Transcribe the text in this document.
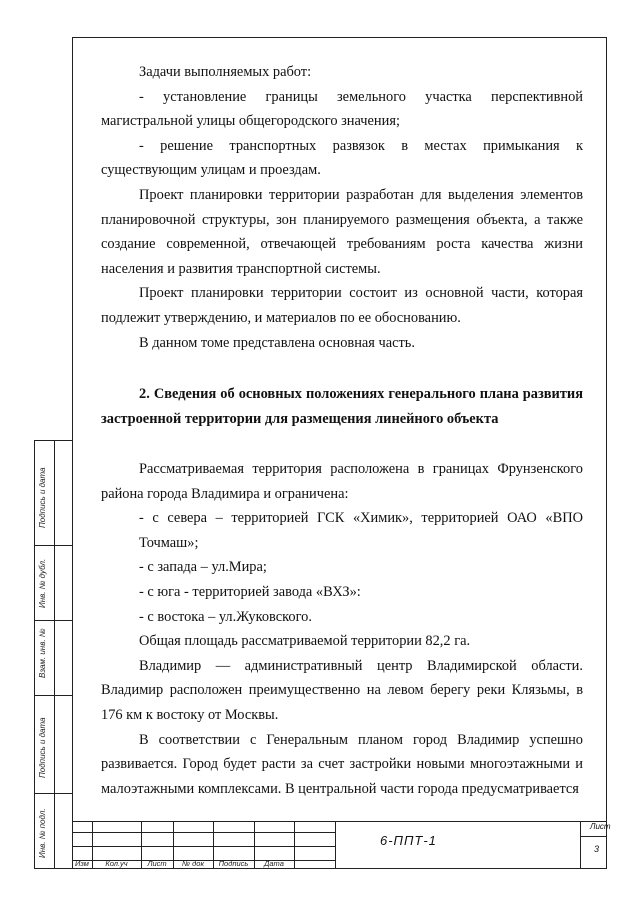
Задачи выполняемых работ:

- установление границы земельного участка перспективной магистральной улицы общегородского значения;

- решение транспортных развязок в местах примыкания к существующим улицам и проездам.

Проект планировки территории разработан для выделения элементов планировочной структуры, зон планируемого размещения объекта, а также создание современной, отвечающей требованиям роста качества жизни населения и развития транспортной системы.

Проект планировки территории состоит из основной части, которая подлежит утверждению, и материалов по ее обоснованию.

В данном томе представлена основная часть.

2. Сведения об основных положениях генерального плана развития застроенной территории для размещения линейного объекта

Рассматриваемая территория расположена в границах Фрунзенского района города Владимира и ограничена:

- с севера – территорией ГСК «Химик», территорией ОАО «ВПО Точмаш»;

- с запада – ул.Мира;

- с юга - территорией завода «ВХЗ»:

- с востока – ул.Жуковского.

Общая площадь рассматриваемой территории 82,2 га.

Владимир — административный центр Владимирской области. Владимир расположен преимущественно на левом берегу реки Клязьмы, в 176 км к востоку от Москвы.

В соответствии с Генеральным планом город Владимир успешно развивается. Город будет расти за счет застройки новыми многоэтажными и малоэтажными комплексами. В центральной части города предусматривается

Подпись и дата
Инв. № дубл.
Взам. инв. №
Подпись и дата
Инв. № подл.
Изм	Кол.уч	Лист	№ док	Подпись	Дата
6-ППТ-1
Лист
3
